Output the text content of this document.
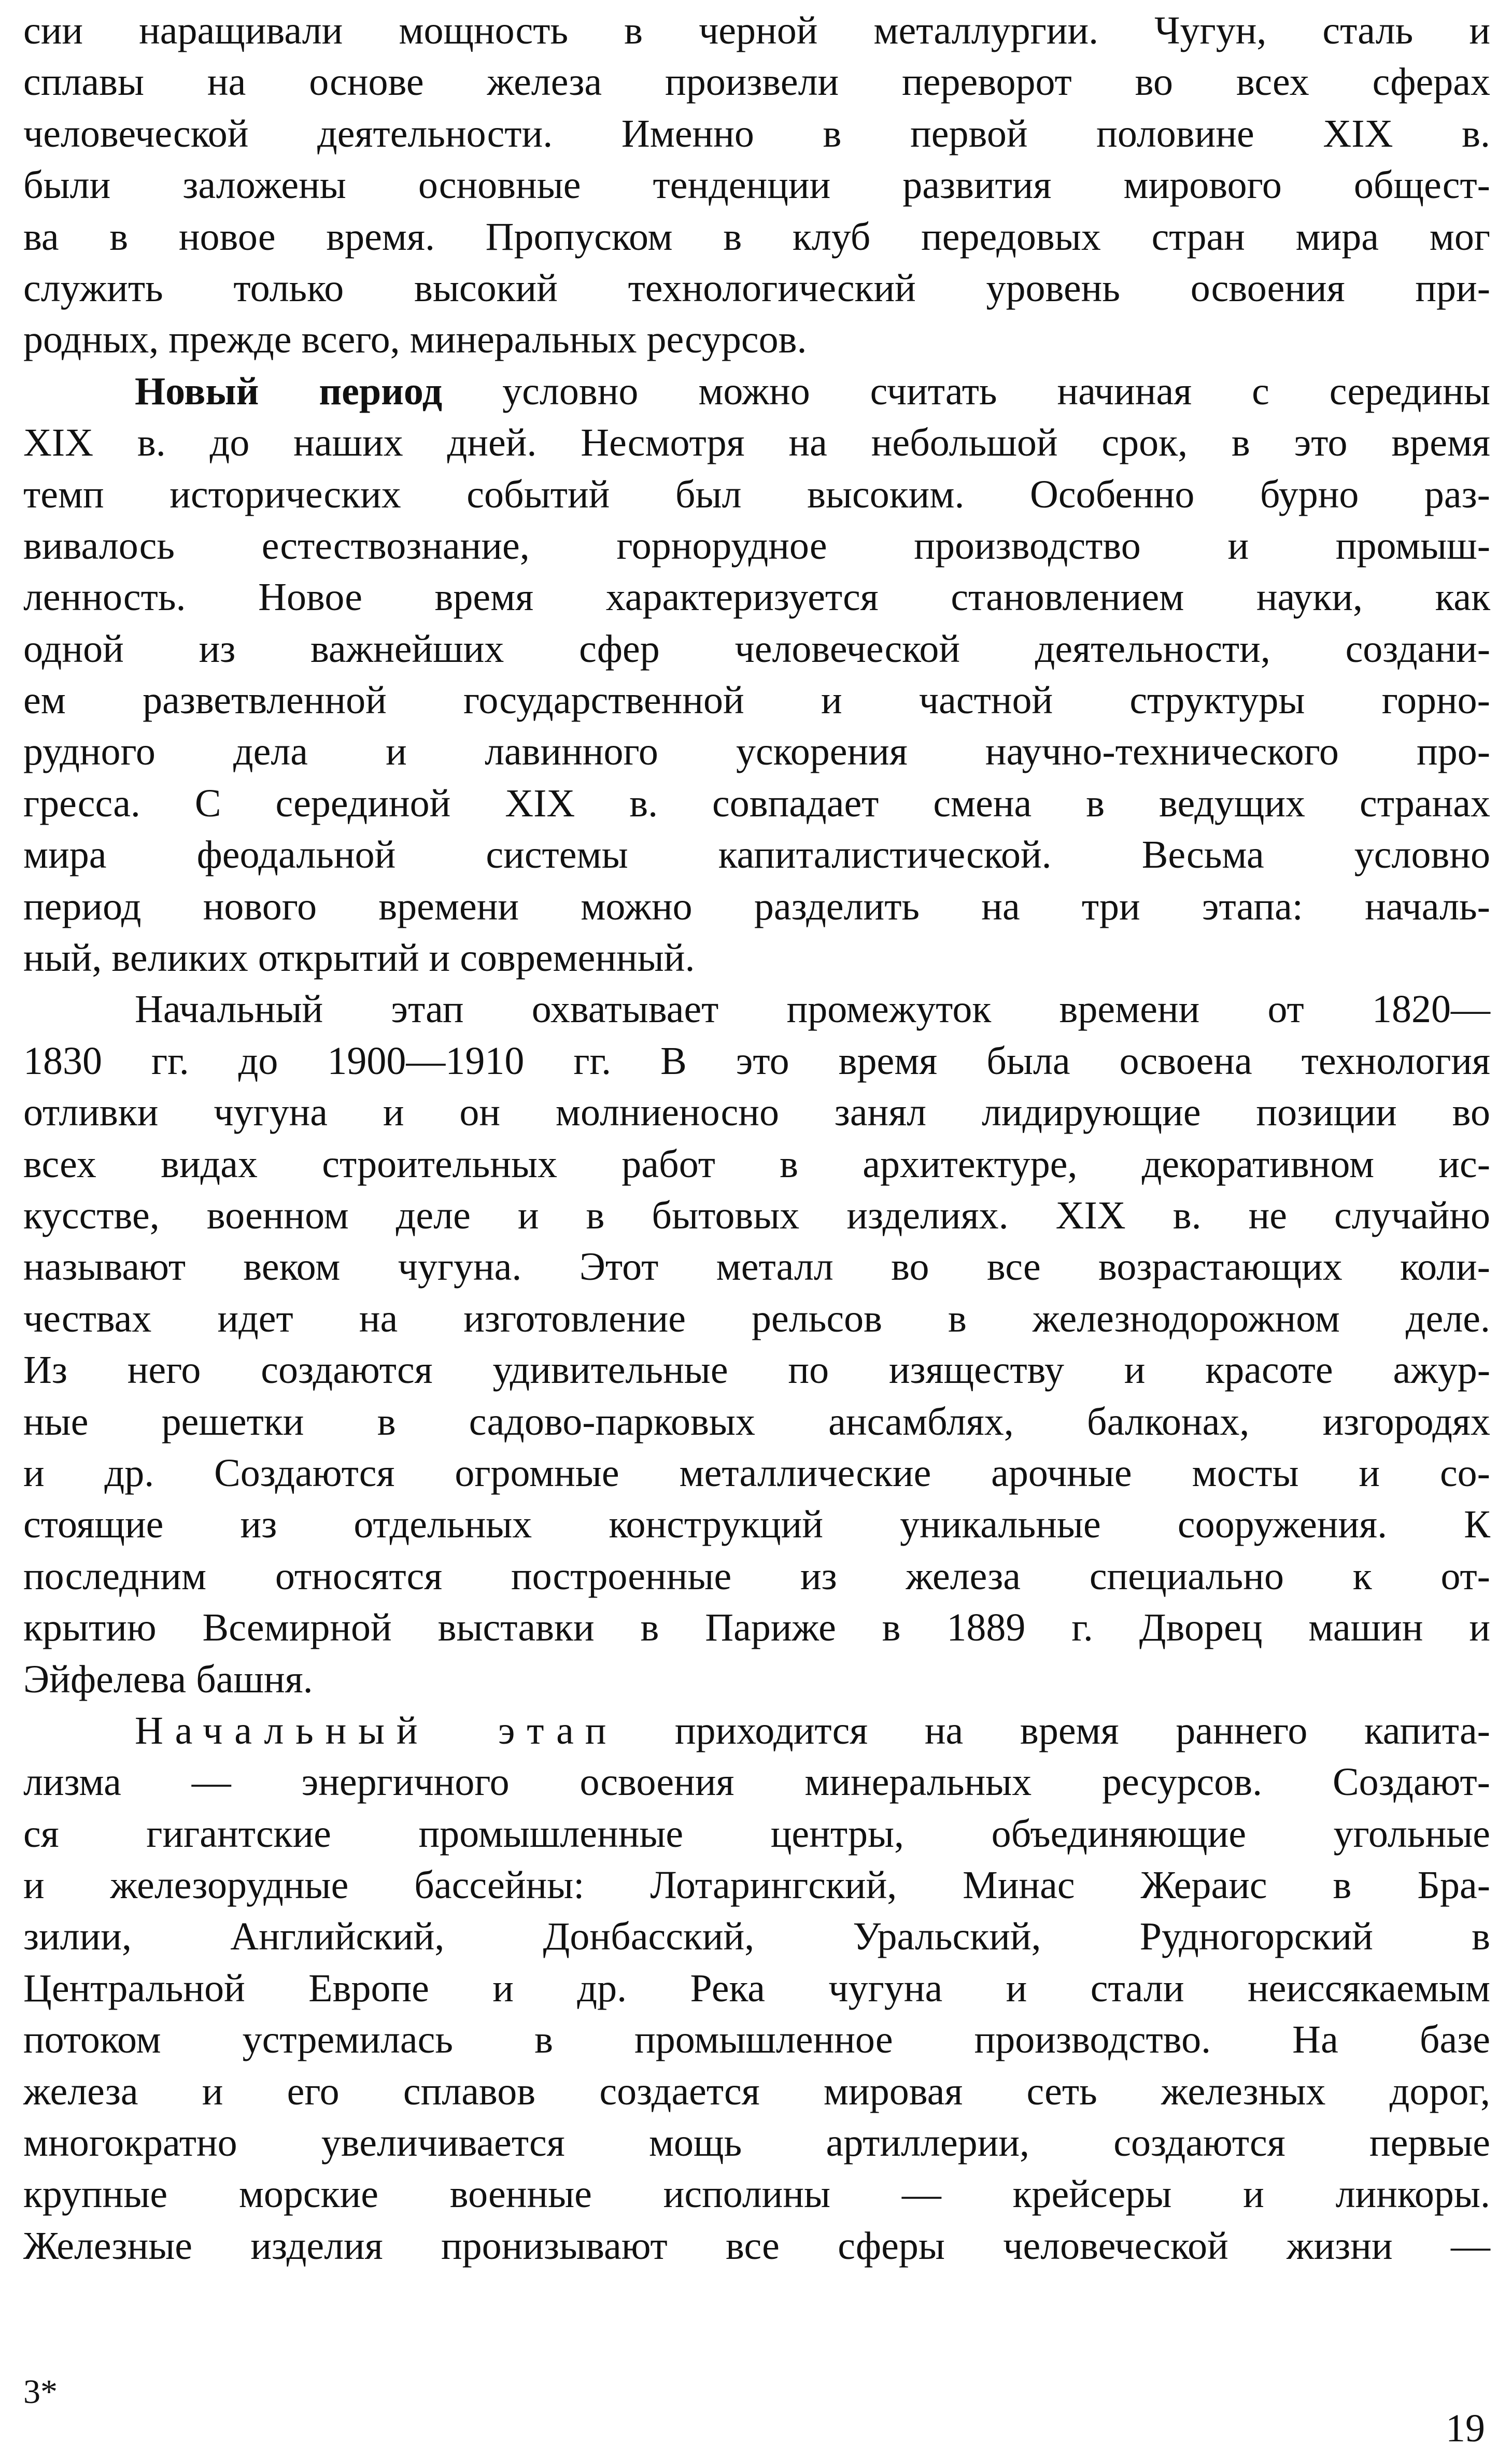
сии наращивали мощность в черной металлургии. Чугун, сталь и
сплавы на основе железа произвели переворот во всех сферах
человеческой деятельности. Именно в первой половине XIX в.
были заложены основные тенденции развития мирового общест-
ва в новое время. Пропуском в клуб передовых стран мира мог
служить только высокий технологический уровень освоения при-
родных, прежде всего, минеральных ресурсов.
Новый период условно можно считать начиная с середины
XIX в. до наших дней. Несмотря на небольшой срок, в это время
темп исторических событий был высоким. Особенно бурно раз-
вивалось естествознание, горнорудное производство и промыш-
ленность. Новое время характеризуется становлением науки, как
одной из важнейших сфер человеческой деятельности, создани-
ем разветвленной государственной и частной структуры горно-
рудного дела и лавинного ускорения научно-технического про-
гресса. С серединой XIX в. совпадает смена в ведущих странах
мира феодальной системы капиталистической. Весьма условно
период нового времени можно разделить на три этапа: началь-
ный, великих открытий и современный.
Начальный этап охватывает промежуток времени от 1820—
1830 гг. до 1900—1910 гг. В это время была освоена технология
отливки чугуна и он молниеносно занял лидирующие позиции во
всех видах строительных работ в архитектуре, декоративном ис-
кусстве, военном деле и в бытовых изделиях. XIX в. не случайно
называют веком чугуна. Этот металл во все возрастающих коли-
чествах идет на изготовление рельсов в железнодорожном деле.
Из него создаются удивительные по изяществу и красоте ажур-
ные решетки в садово-парковых ансамблях, балконах, изгородях
и др. Создаются огромные металлические арочные мосты и со-
стоящие из отдельных конструкций уникальные сооружения. К
последним относятся построенные из железа специально к от-
крытию Всемирной выставки в Париже в 1889 г. Дворец машин и
Эйфелева башня.
Начальный этап приходится на время раннего капита-
лизма — энергичного освоения минеральных ресурсов. Создают-
ся гигантские промышленные центры, объединяющие угольные
и железорудные бассейны: Лотарингский, Минас Жераис в Бра-
зилии, Английский, Донбасский, Уральский, Рудногорский в
Центральной Европе и др. Река чугуна и стали неиссякаемым
потоком устремилась в промышленное производство. На базе
железа и его сплавов создается мировая сеть железных дорог,
многократно увеличивается мощь артиллерии, создаются первые
крупные морские военные исполины — крейсеры и линкоры.
Железные изделия пронизывают все сферы человеческой жизни —
3*
19
